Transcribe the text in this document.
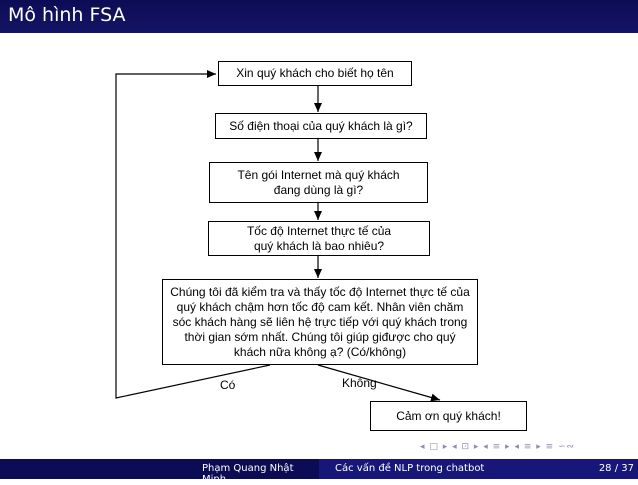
Mô hình FSA
Xin quý khách cho biết họ tên
Số điện thoại của quý khách là gì?
Tên gói Internet mà quý khách đang dùng là gì?
Tốc độ Internet thực tế của quý khách là bao nhiêu?
Chúng tôi đã kiểm tra và thấy tốc độ Internet thực tế của quý khách chậm hơn tốc độ cam kết. Nhân viên chăm sóc khách hàng sẽ liên hệ trực tiếp với quý khách trong thời gian sớm nhất. Chúng tôi giúp giđược cho quý khách nữa không ạ? (Có/không)
Cảm ơn quý khách!
Có	Không
◂ □ ▸ ◂ ⊡ ▸ ◂ ≡ ▸ ◂ ≡ ▸ ≡ ∽∾
Phạm Quang Nhật Minh
Các vấn đề NLP trong chatbot	28 / 37
